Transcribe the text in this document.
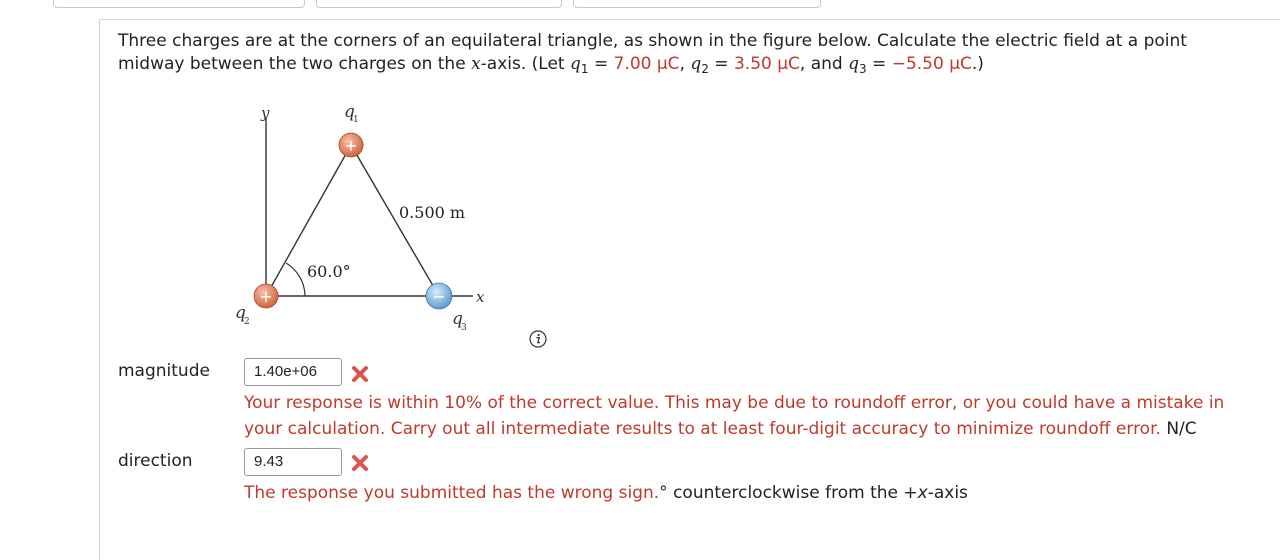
Three charges are at the corners of an equilateral triangle, as shown in the figure below. Calculate the electric field at a point midway between the two charges on the x-axis. (Let $q_1 = 7.00$ μC, $q_2 = 3.50$ μC, and $q_3 = -5.50$ μC.)
y
x
0.500 m
60.0°
q
1
q
2	q
3
+
+	−
magnitude	1.40e+06
Your response is within 10% of the correct value. This may be due to roundoff error, or you could have a mistake in your calculation. Carry out all intermediate results to at least four-digit accuracy to minimize roundoff error. N/C
direction	9.43
The response you submitted has the wrong sign.° counterclockwise from the +x-axis
